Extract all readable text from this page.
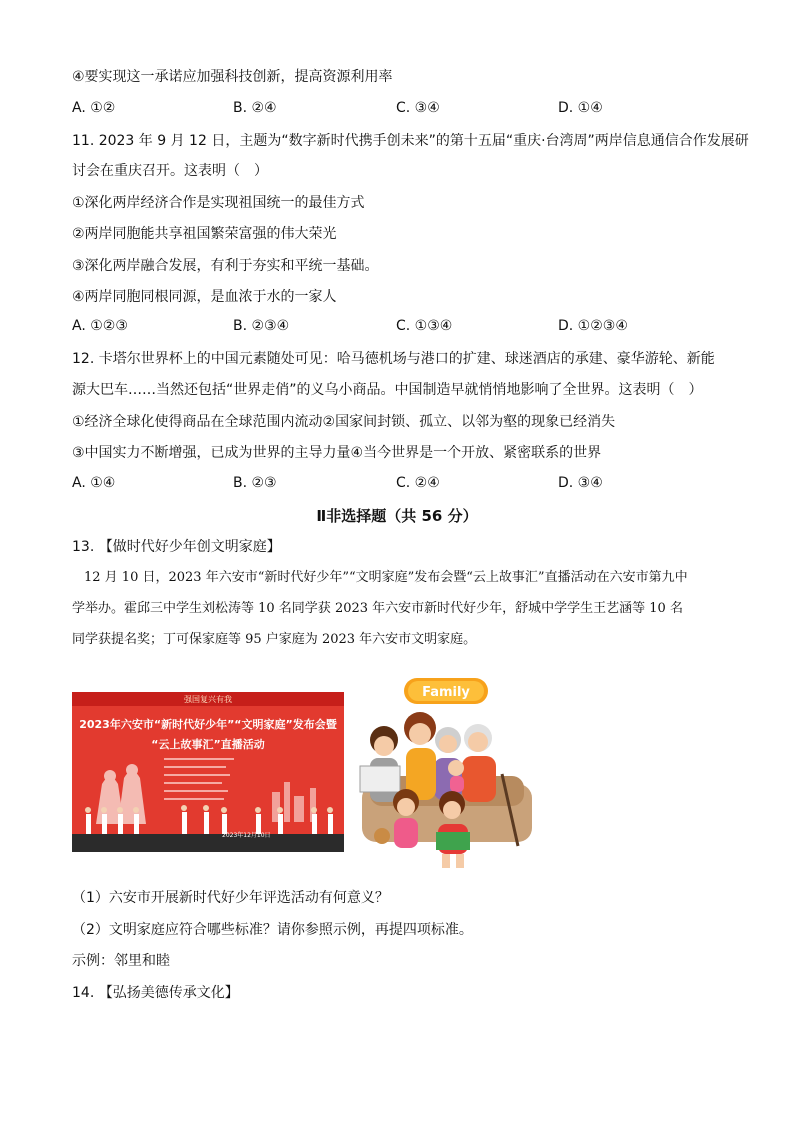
④要实现这一承诺应加强科技创新，提高资源利用率
A. ①②	B. ②④	C. ③④	D. ①④
11. 2023 年 9 月 12 日，主题为“数字新时代携手创未来”的第十五届“重庆·台湾周”两岸信息通信合作发展研
讨会在重庆召开。这表明（　）
①深化两岸经济合作是实现祖国统一的最佳方式
②两岸同胞能共享祖国繁荣富强的伟大荣光
③深化两岸融合发展，有利于夯实和平统一基础。
④两岸同胞同根同源，是血浓于水的一家人
A. ①②③	B. ②③④	C. ①③④	D. ①②③④
12. 卡塔尔世界杯上的中国元素随处可见：哈马德机场与港口的扩建、球迷酒店的承建、豪华游轮、新能
源大巴车……当然还包括“世界走俏”的义乌小商品。中国制造早就悄悄地影响了全世界。这表明（　）
①经济全球化使得商品在全球范围内流动②国家间封锁、孤立、以邻为壑的现象已经消失
③中国实力不断增强，已成为世界的主导力量④当今世界是一个开放、紧密联系的世界
A. ①④	B. ②③	C. ②④	D. ③④
Ⅱ非选择题（共 56 分）
13. 【做时代好少年创文明家庭】
12 月 10 日，2023 年六安市“新时代好少年”“文明家庭”发布会暨“云上故事汇”直播活动在六安市第九中
学举办。霍邱三中学生刘松涛等 10 名同学获 2023 年六安市新时代好少年，舒城中学学生王艺涵等 10 名
同学获提名奖；丁可保家庭等 95 户家庭为 2023 年六安市文明家庭。
强国复兴有我
2023年六安市“新时代好少年”“文明家庭”发布会暨
“云上故事汇”直播活动
2023年12月10日
Family
（1）六安市开展新时代好少年评选活动有何意义？
（2）文明家庭应符合哪些标准？请你参照示例，再提四项标准。
示例：邻里和睦
14. 【弘扬美德传承文化】
